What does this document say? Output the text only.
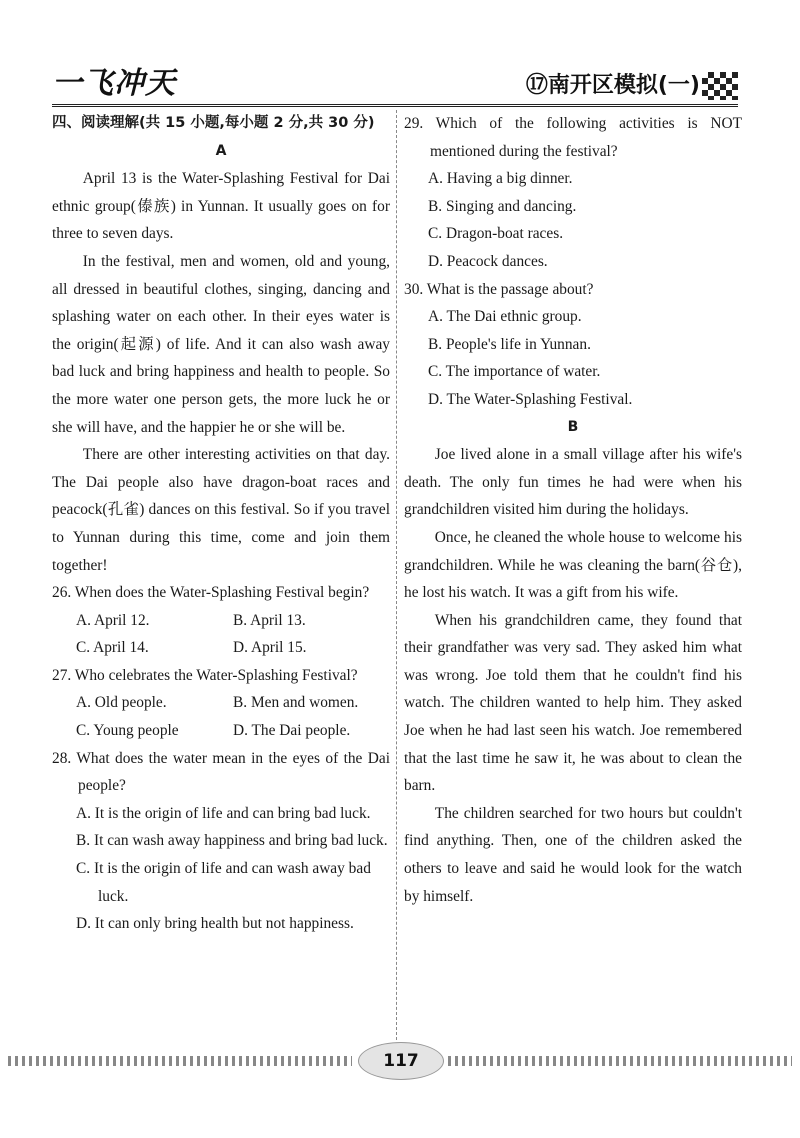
一飞冲天	⑰南开区模拟(一)
四、阅读理解(共 15 小题,每小题 2 分,共 30 分)
A

April 13 is the Water-Splashing Festival for Dai ethnic group(傣族) in Yunnan. It usually goes on for three to seven days.

In the festival, men and women, old and young, all dressed in beautiful clothes, singing, dancing and splashing water on each other. In their eyes water is the origin(起源) of life. And it can also wash away bad luck and bring happiness and health to people. So the more water one person gets, the more luck he or she will have, and the happier he or she will be.

There are other interesting activities on that day. The Dai people also have dragon-boat races and peacock(孔雀) dances on this festival. So if you travel to Yunnan during this time, come and join them together!

26. When does the Water-Splashing Festival begin?

A. April 12.	B. April 13.
C. April 14.	D. April 15.

27. Who celebrates the Water-Splashing Festival?

A. Old people.	B. Men and women.
C. Young people	D. The Dai people.

28. What does the water mean in the eyes of the Dai people?

A. It is the origin of life and can bring bad luck.

B. It can wash away happiness and bring bad luck.

C. It is the origin of life and can wash away bad luck.

D. It can only bring health but not happiness.

29. Which of the following activities is NOT mentioned during the festival?

A. Having a big dinner.

B. Singing and dancing.

C. Dragon-boat races.

D. Peacock dances.

30. What is the passage about?

A. The Dai ethnic group.

B. People's life in Yunnan.

C. The importance of water.

D. The Water-Splashing Festival.

B

Joe lived alone in a small village after his wife's death. The only fun times he had were when his grandchildren visited him during the holidays.

Once, he cleaned the whole house to welcome his grandchildren. While he was cleaning the barn(谷仓), he lost his watch. It was a gift from his wife.

When his grandchildren came, they found that their grandfather was very sad. They asked him what was wrong. Joe told them that he couldn't find his watch. The children wanted to help him. They asked Joe when he had last seen his watch. Joe remembered that the last time he saw it, he was about to clean the barn.

The children searched for two hours but couldn't find anything. Then, one of the children asked the others to leave and said he would look for the watch by himself.

117
